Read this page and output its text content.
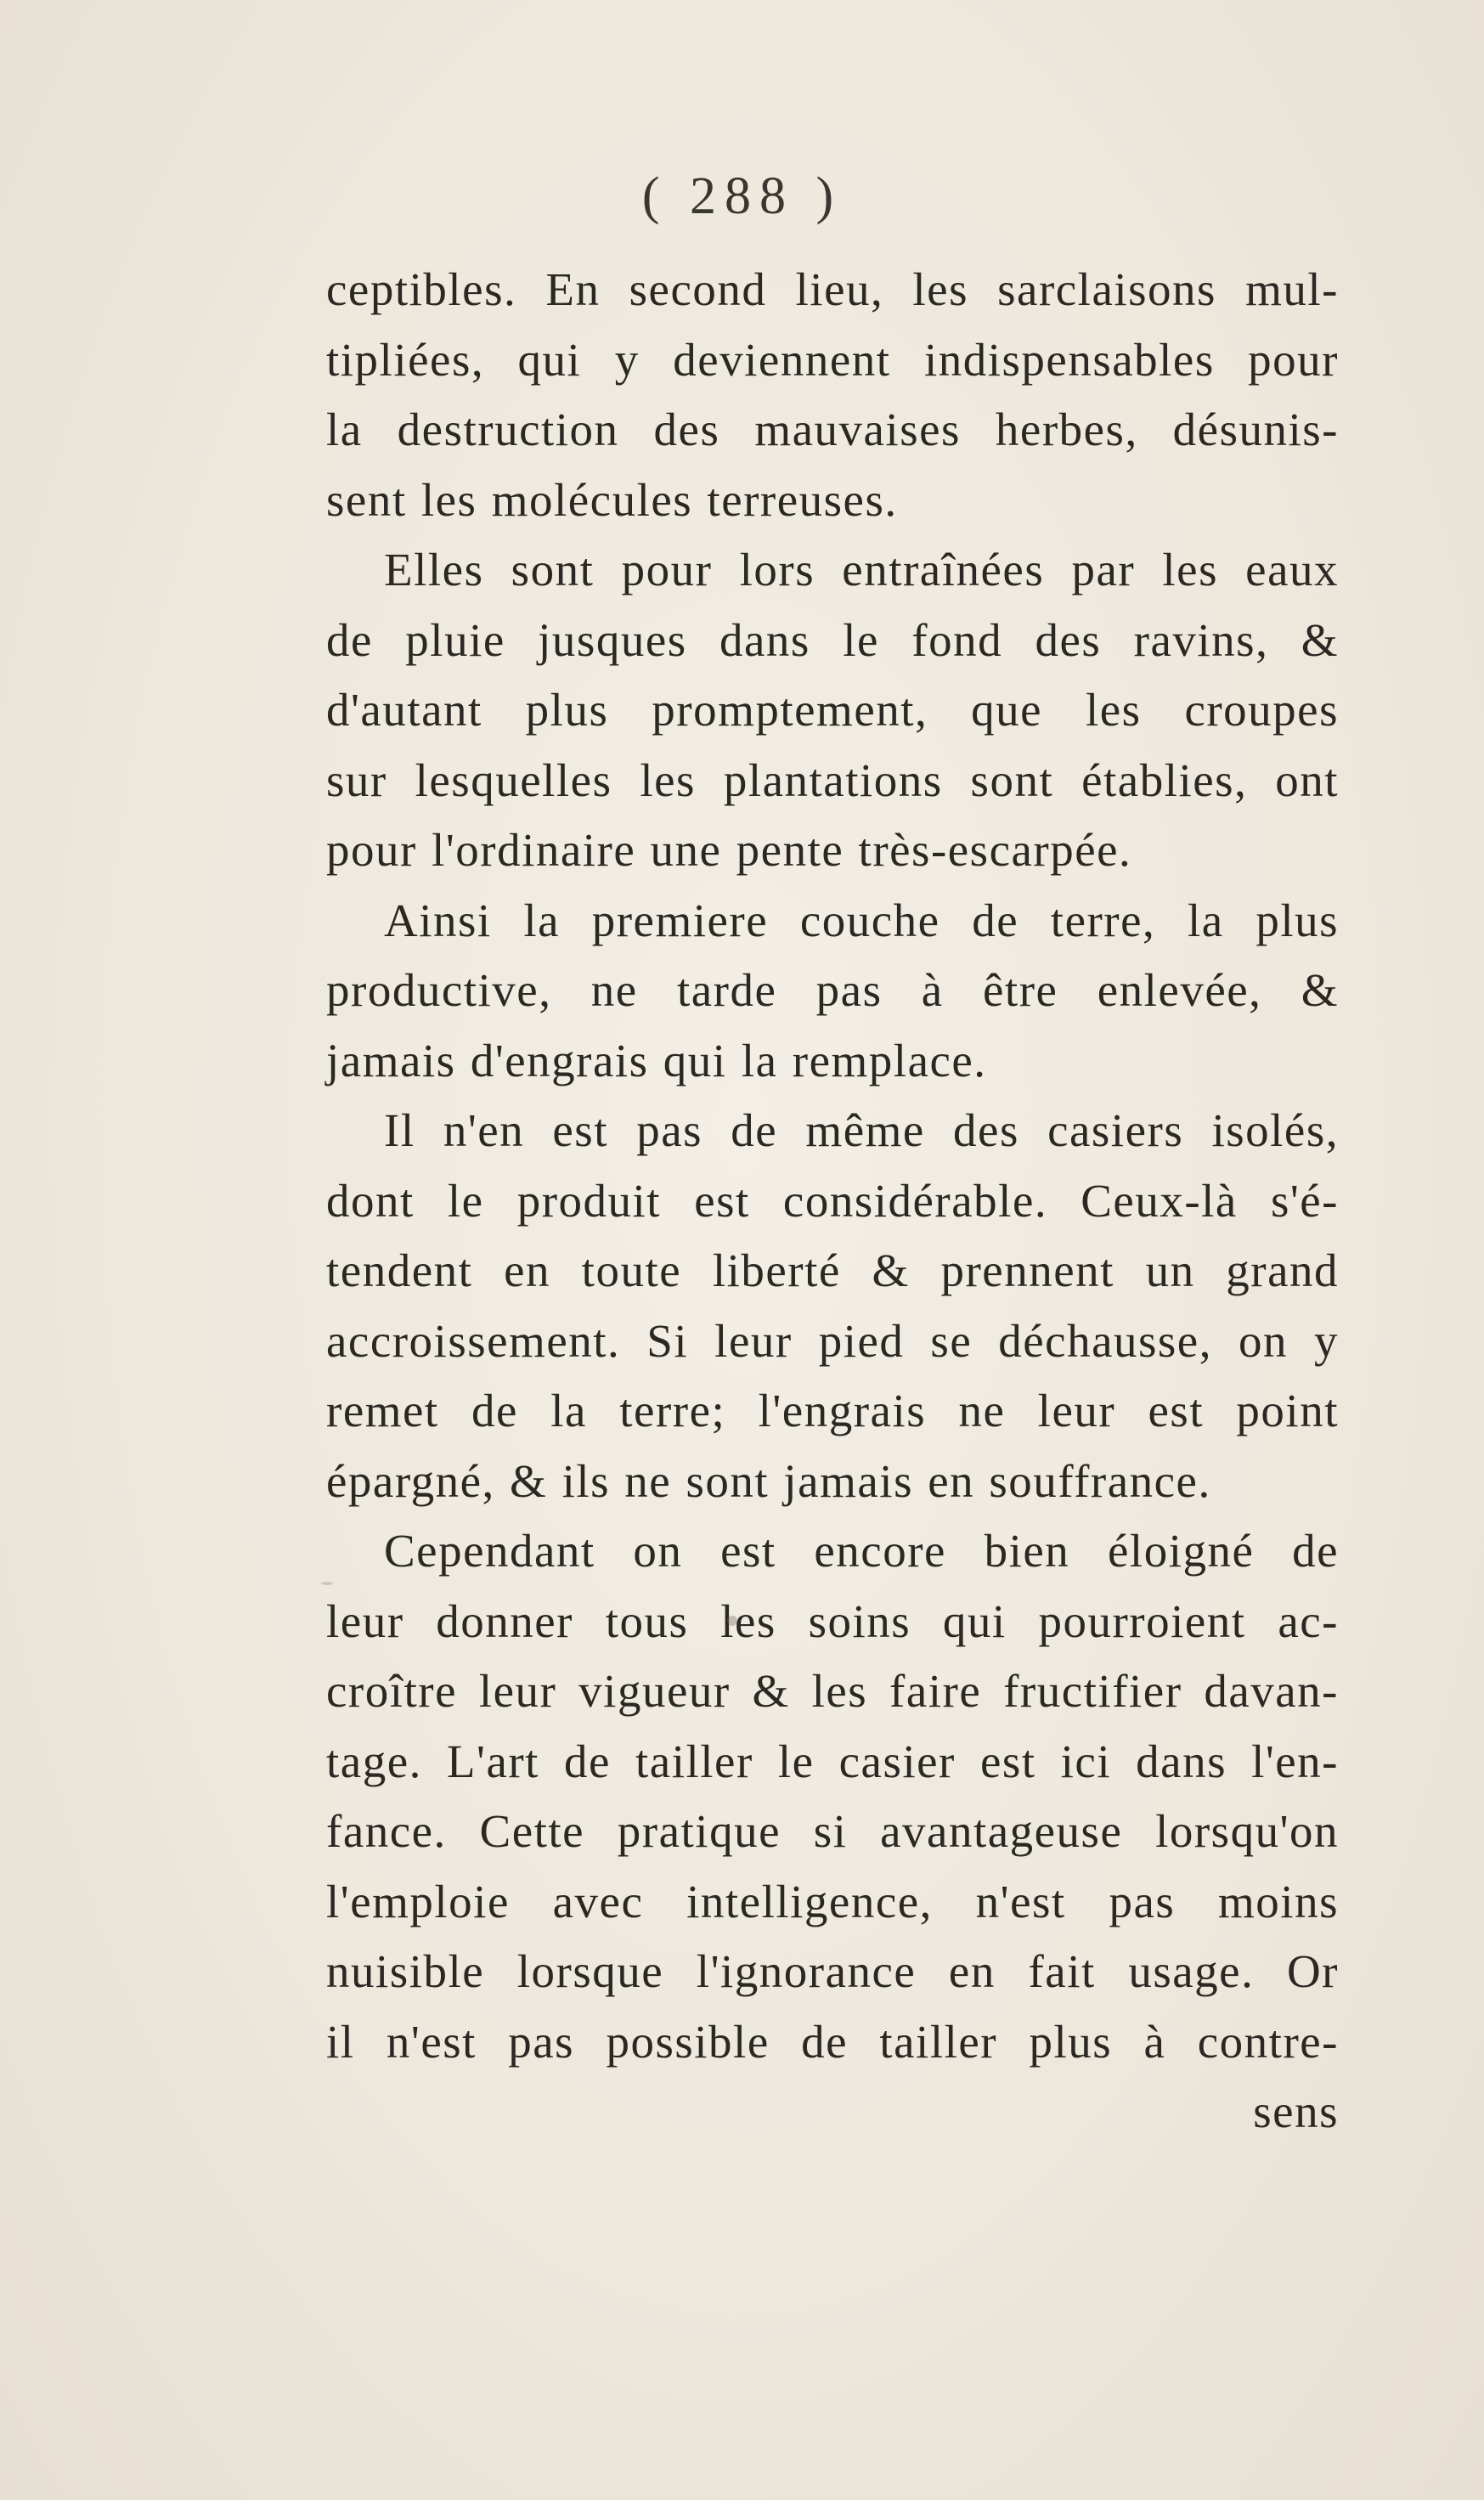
( 288 )
ceptibles. En second lieu, les sarclaisons mul-
tipliées, qui y deviennent indispensables pour
la destruction des mauvaises herbes, désunis-
sent les molécules terreuses.
Elles sont pour lors entraînées par les eaux
de pluie jusques dans le fond des ravins, &
d'autant plus promptement, que les croupes
sur lesquelles les plantations sont établies, ont
pour l'ordinaire une pente très-escarpée.
Ainsi la premiere couche de terre, la plus
productive, ne tarde pas à être enlevée, &
jamais d'engrais qui la remplace.
Il n'en est pas de même des casiers isolés,
dont le produit est considérable. Ceux-là s'é-
tendent en toute liberté & prennent un grand
accroissement. Si leur pied se déchausse, on y
remet de la terre; l'engrais ne leur est point
épargné, & ils ne sont jamais en souffrance.
Cependant on est encore bien éloigné de
leur donner tous les soins qui pourroient ac-
croître leur vigueur & les faire fructifier davan-
tage. L'art de tailler le casier est ici dans l'en-
fance. Cette pratique si avantageuse lorsqu'on
l'emploie avec intelligence, n'est pas moins
nuisible lorsque l'ignorance en fait usage. Or
il n'est pas possible de tailler plus à contre-
sens
